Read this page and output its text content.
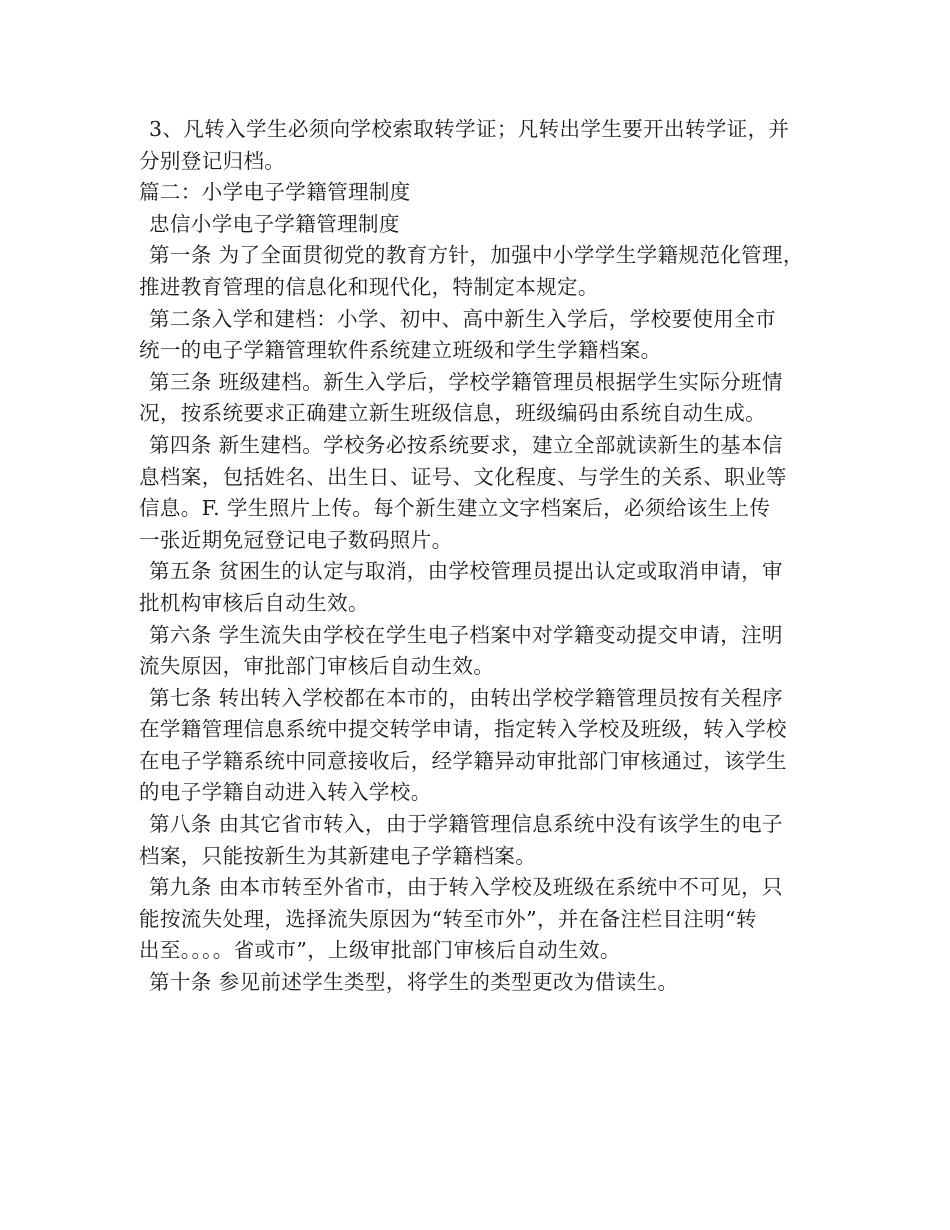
3、凡转入学生必须向学校索取转学证；凡转出学生要开出转学证，并
分别登记归档。
篇二：小学电子学籍管理制度
忠信小学电子学籍管理制度
第一条 为了全面贯彻党的教育方针，加强中小学学生学籍规范化管理，
推进教育管理的信息化和现代化，特制定本规定。
第二条入学和建档：小学、初中、高中新生入学后，学校要使用全市
统一的电子学籍管理软件系统建立班级和学生学籍档案。
第三条 班级建档。新生入学后，学校学籍管理员根据学生实际分班情
况，按系统要求正确建立新生班级信息，班级编码由系统自动生成。
第四条 新生建档。学校务必按系统要求，建立全部就读新生的基本信
息档案，包括姓名、出生日、证号、文化程度、与学生的关系、职业等
信息。F. 学生照片上传。每个新生建立文字档案后，必须给该生上传
一张近期免冠登记电子数码照片。
第五条 贫困生的认定与取消，由学校管理员提出认定或取消申请，审
批机构审核后自动生效。
第六条 学生流失由学校在学生电子档案中对学籍变动提交申请，注明
流失原因，审批部门审核后自动生效。
第七条 转出转入学校都在本市的，由转出学校学籍管理员按有关程序
在学籍管理信息系统中提交转学申请，指定转入学校及班级，转入学校
在电子学籍系统中同意接收后，经学籍异动审批部门审核通过，该学生
的电子学籍自动进入转入学校。
第八条 由其它省市转入，由于学籍管理信息系统中没有该学生的电子
档案，只能按新生为其新建电子学籍档案。
第九条 由本市转至外省市，由于转入学校及班级在系统中不可见，只
能按流失处理，选择流失原因为“转至市外”，并在备注栏目注明“转
出至。。。。省或市”，上级审批部门审核后自动生效。
第十条 参见前述学生类型，将学生的类型更改为借读生。
